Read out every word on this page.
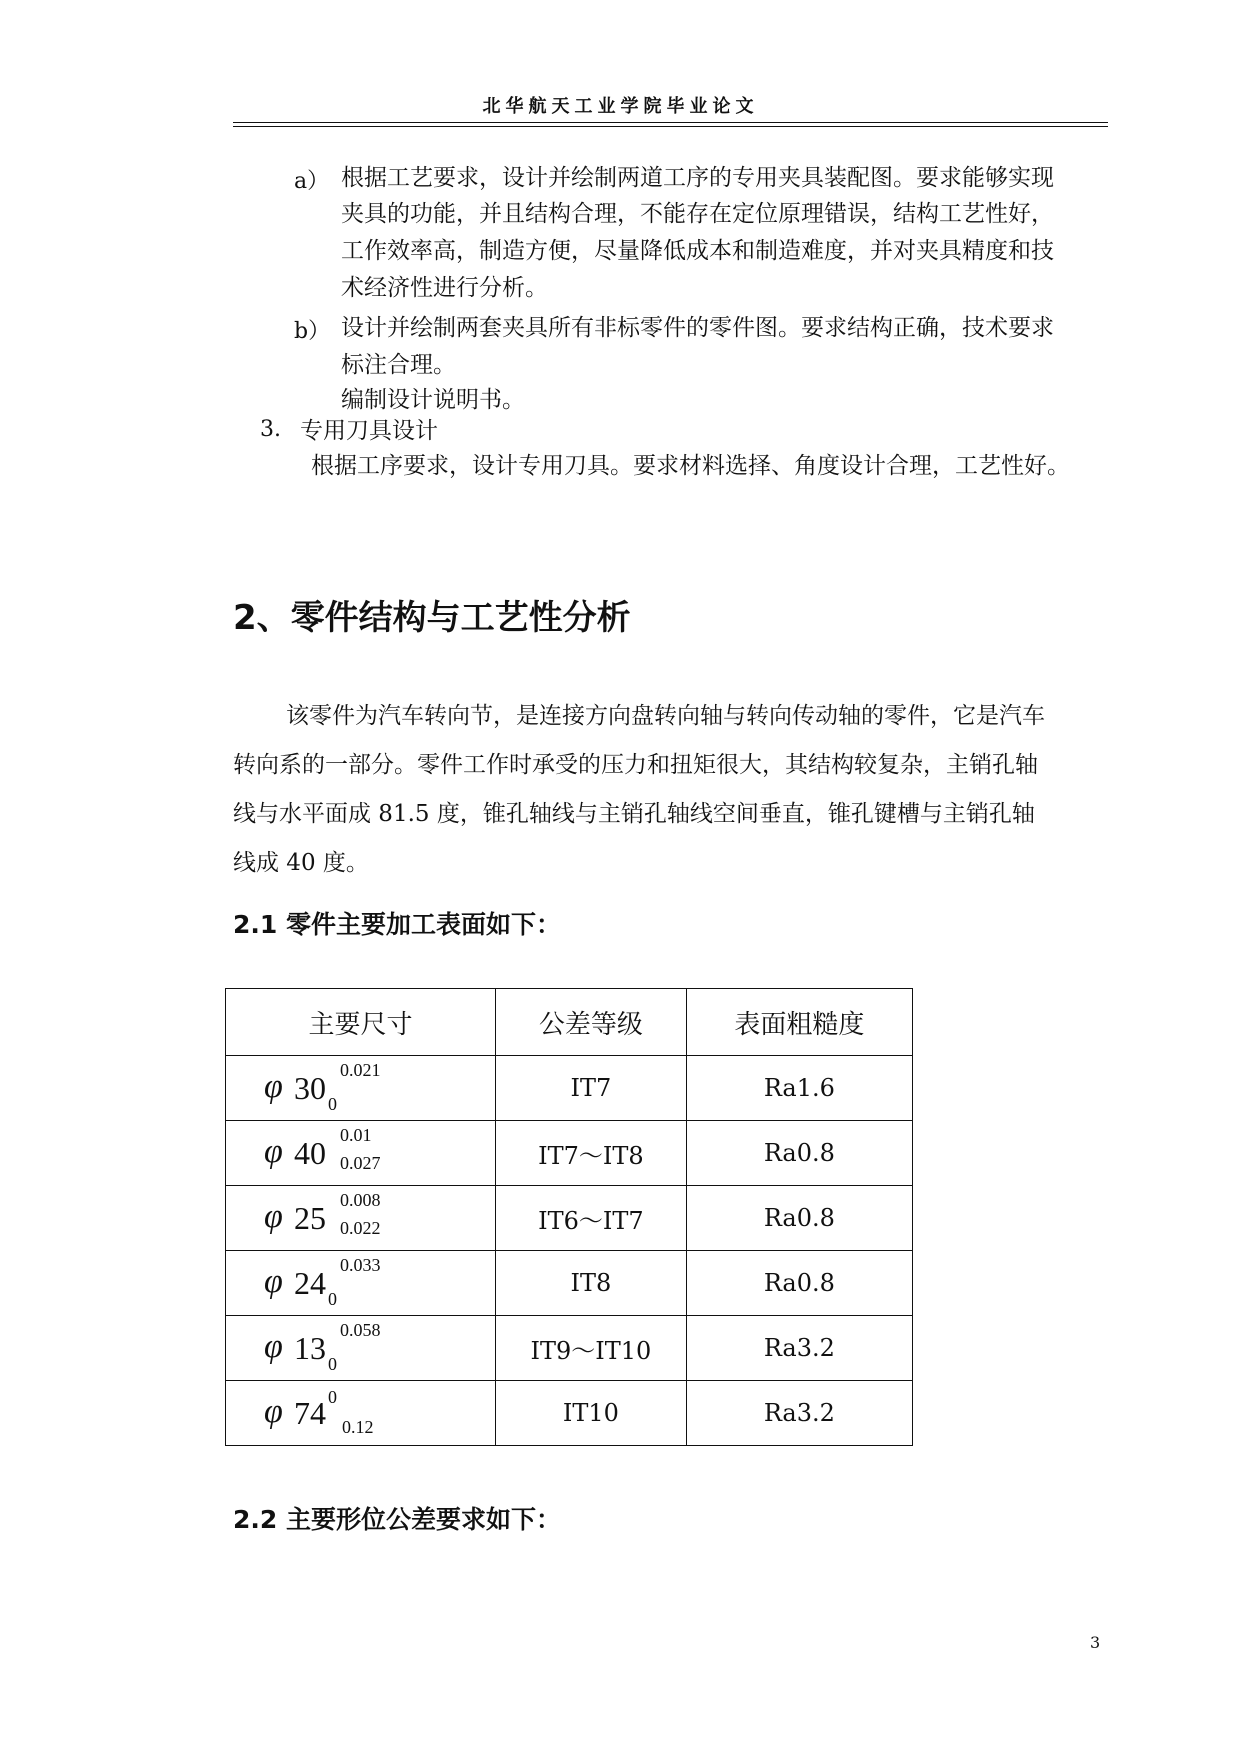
北华航天工业学院毕业论文
a） 根据工艺要求，设计并绘制两道工序的专用夹具装配图。要求能够实现
夹具的功能，并且结构合理，不能存在定位原理错误，结构工艺性好，
工作效率高，制造方便，尽量降低成本和制造难度，并对夹具精度和技
术经济性进行分析。
b） 设计并绘制两套夹具所有非标零件的零件图。要求结构正确，技术要求
标注合理。
编制设计说明书。
3. 专用刀具设计
根据工序要求，设计专用刀具。要求材料选择、角度设计合理，工艺性好。
2、零件结构与工艺性分析
该零件为汽车转向节，是连接方向盘转向轴与转向传动轴的零件，它是汽车
转向系的一部分。零件工作时承受的压力和扭矩很大，其结构较复杂，主销孔轴
线与水平面成 81.5 度，锥孔轴线与主销孔轴线空间垂直，锥孔键槽与主销孔轴
线成 40 度。
2.1 零件主要加工表面如下：
主要尺寸	公差等级	表面粗糙度

φ 30 0.021
0	IT7	Ra1.6

φ 40 0.01
0.027	IT7～IT8	Ra0.8

φ 25 0.008
0.022	IT6～IT7	Ra0.8

φ 24 0.033
0	IT8	Ra0.8

φ 13 0.058
0	IT9～IT10	Ra3.2

φ 74 0
0.12	IT10	Ra3.2
2.2 主要形位公差要求如下：
3
